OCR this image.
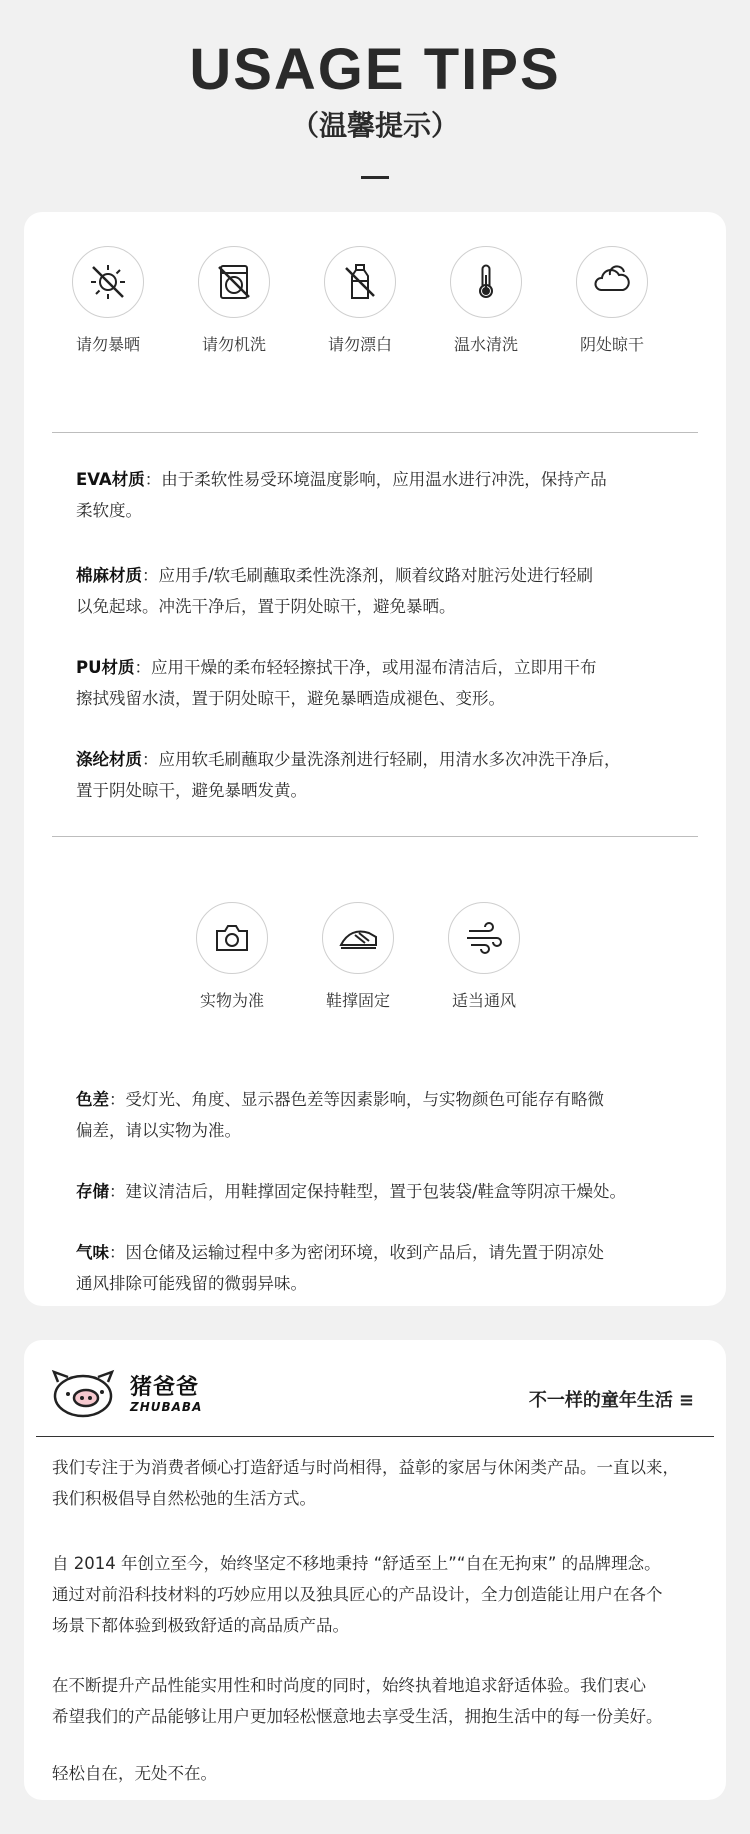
USAGE TIPS
（温馨提示）
请勿暴晒	请勿机洗	请勿漂白	温水清洗	阴处晾干
EVA材质：由于柔软性易受环境温度影响，应用温水进行冲洗，保持产品
柔软度。
棉麻材质：应用手/软毛刷蘸取柔性洗涤剂，顺着纹路对脏污处进行轻刷
以免起球。冲洗干净后，置于阴处晾干，避免暴晒。
PU材质：应用干燥的柔布轻轻擦拭干净，或用湿布清洁后，立即用干布
擦拭残留水渍，置于阴处晾干，避免暴晒造成褪色、变形。
涤纶材质：应用软毛刷蘸取少量洗涤剂进行轻刷，用清水多次冲洗干净后，
置于阴处晾干，避免暴晒发黄。
实物为准	鞋撑固定	适当通风
色差：受灯光、角度、显示器色差等因素影响，与实物颜色可能存有略微
偏差，请以实物为准。
存储：建议清洁后，用鞋撑固定保持鞋型，置于包装袋/鞋盒等阴凉干燥处。
气味：因仓储及运输过程中多为密闭环境，收到产品后，请先置于阴凉处
通风排除可能残留的微弱异味。
猪爸爸
ZHUBABA	不一样的童年生活 ≡
我们专注于为消费者倾心打造舒适与时尚相得，益彰的家居与休闲类产品。一直以来，
我们积极倡导自然松弛的生活方式。
自 2014 年创立至今，始终坚定不移地秉持 “舒适至上”“自在无拘束” 的品牌理念。
通过对前沿科技材料的巧妙应用以及独具匠心的产品设计，全力创造能让用户在各个
场景下都体验到极致舒适的高品质产品。
在不断提升产品性能实用性和时尚度的同时，始终执着地追求舒适体验。我们衷心
希望我们的产品能够让用户更加轻松惬意地去享受生活，拥抱生活中的每一份美好。
轻松自在，无处不在。
